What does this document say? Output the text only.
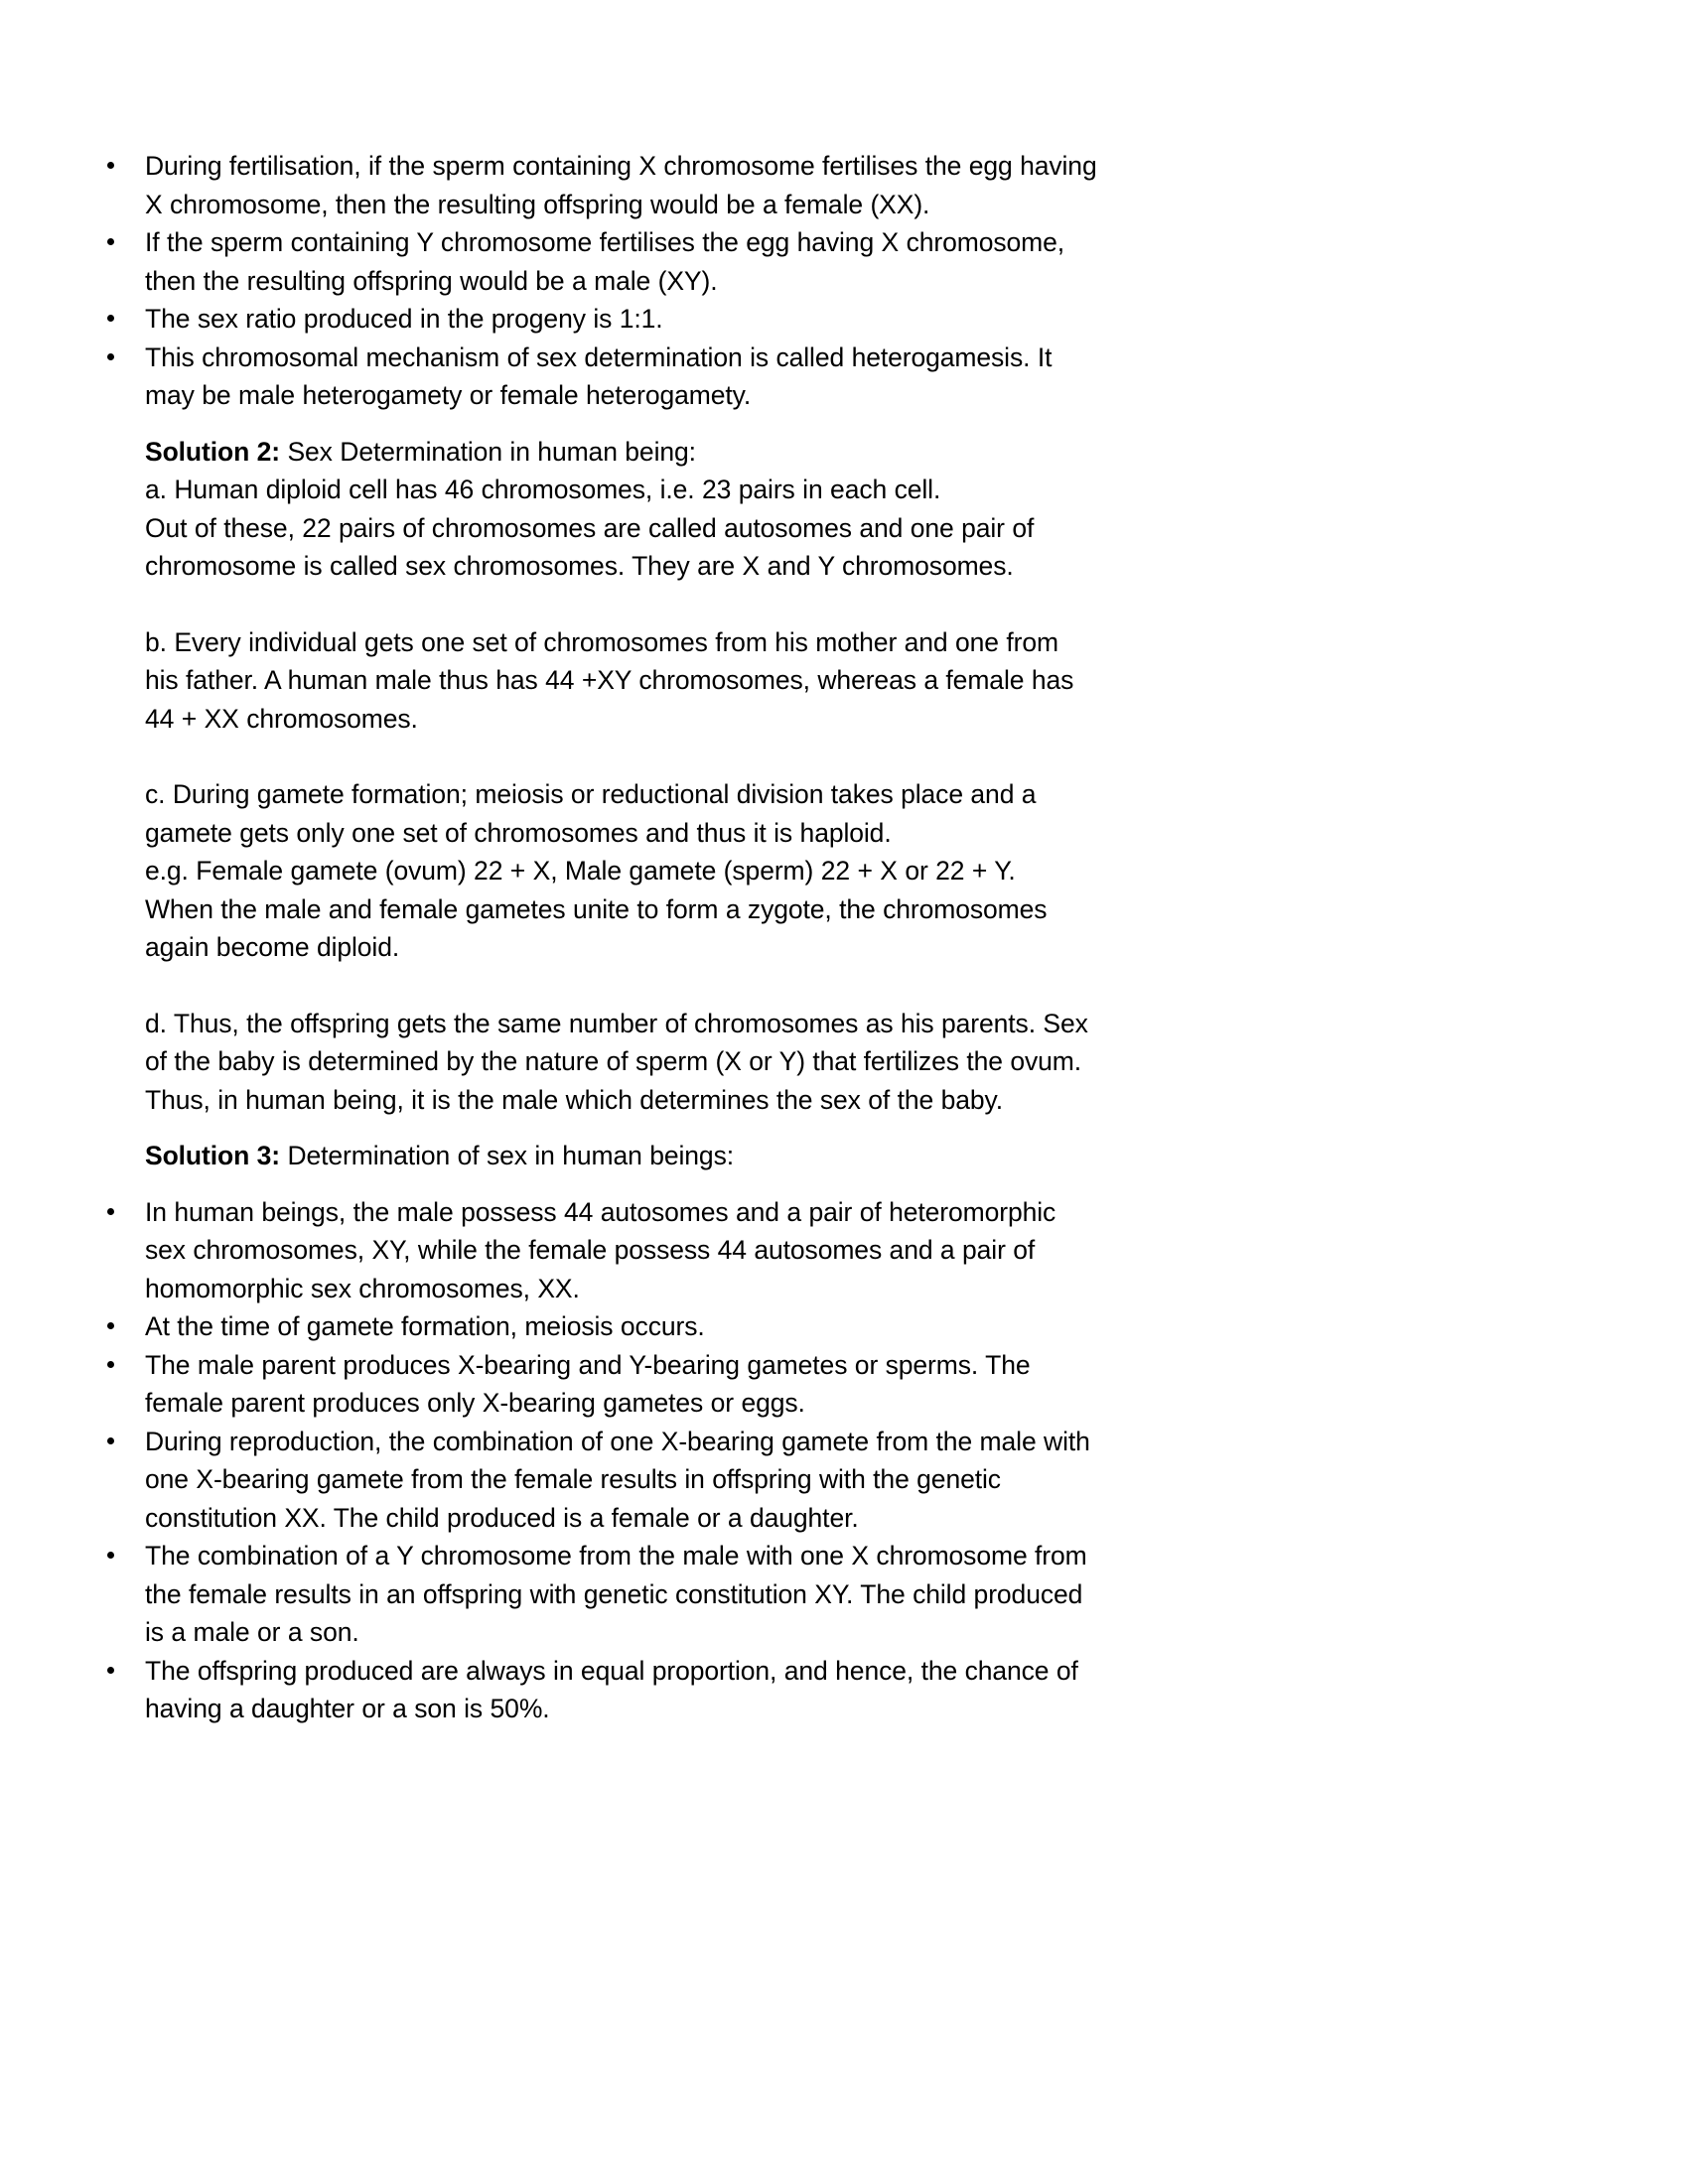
During fertilisation, if the sperm containing X chromosome fertilises the egg having X chromosome, then the resulting offspring would be a female (XX).
If the sperm containing Y chromosome fertilises the egg having X chromosome, then the resulting offspring would be a male (XY).
The sex ratio produced in the progeny is 1:1.
This chromosomal mechanism of sex determination is called heterogamesis. It may be male heterogamety or female heterogamety.

Solution 2: Sex Determination in human being:

a. Human diploid cell has 46 chromosomes, i.e. 23 pairs in each cell.

Out of these, 22 pairs of chromosomes are called autosomes and one pair of chromosome is called sex chromosomes. They are X and Y chromosomes.

b. Every individual gets one set of chromosomes from his mother and one from his father. A human male thus has 44 +XY chromosomes, whereas a female has 44 + XX chromosomes.

c. During gamete formation; meiosis or reductional division takes place and a gamete gets only one set of chromosomes and thus it is haploid.

e.g. Female gamete (ovum) 22 + X, Male gamete (sperm) 22 + X or 22 + Y.

When the male and female gametes unite to form a zygote, the chromosomes again become diploid.

d. Thus, the offspring gets the same number of chromosomes as his parents. Sex of the baby is determined by the nature of sperm (X or Y) that fertilizes the ovum. Thus, in human being, it is the male which determines the sex of the baby.

Solution 3: Determination of sex in human beings:

In human beings, the male possess 44 autosomes and a pair of heteromorphic sex chromosomes, XY, while the female possess 44 autosomes and a pair of homomorphic sex chromosomes, XX.
At the time of gamete formation, meiosis occurs.
The male parent produces X-bearing and Y-bearing gametes or sperms. The female parent produces only X-bearing gametes or eggs.
During reproduction, the combination of one X-bearing gamete from the male with one X-bearing gamete from the female results in offspring with the genetic constitution XX. The child produced is a female or a daughter.
The combination of a Y chromosome from the male with one X chromosome from the female results in an offspring with genetic constitution XY. The child produced is a male or a son.
The offspring produced are always in equal proportion, and hence, the chance of having a daughter or a son is 50%.
